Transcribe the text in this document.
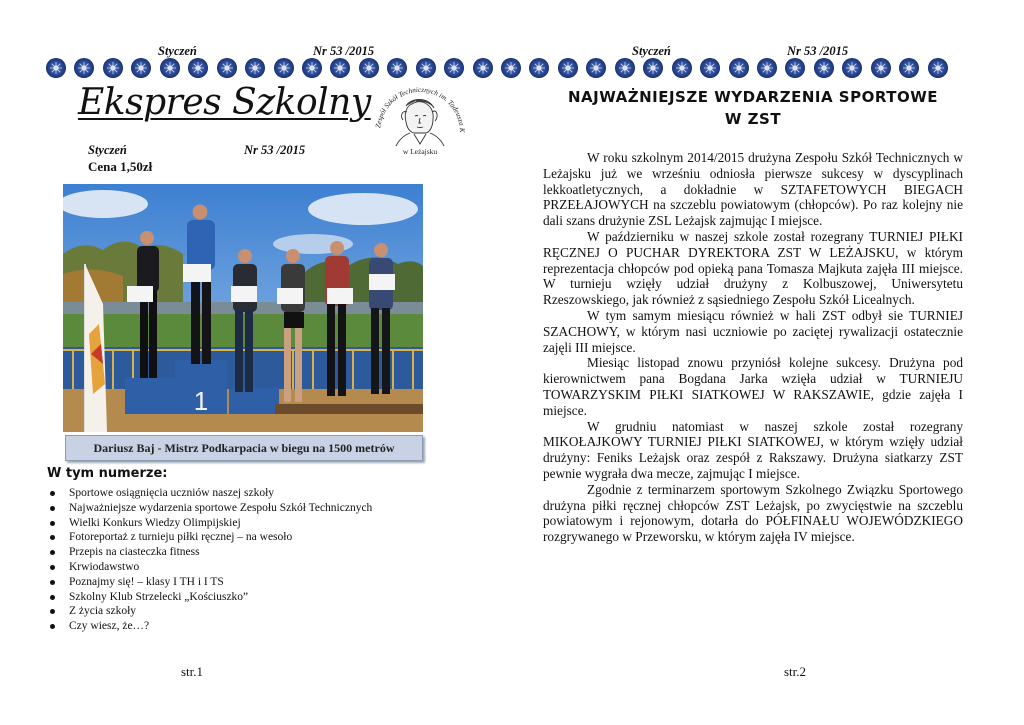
Styczeń	Nr 53 /2015	Styczeń	Nr 53 /2015
Ekspres Szkolny
Zespół Szkół Technicznych im. Tadeusza K
w Leżajsku
Styczeń	Nr 53 /2015
Cena 1,50zł
1
Dariusz Baj - Mistrz Podkarpacia w biegu na 1500 metrów
W tym numerze:
Sportowe osiągnięcia uczniów naszej szkoły
Najważniejsze wydarzenia sportowe Zespołu Szkół Technicznych
Wielki Konkurs Wiedzy Olimpijskiej
Fotoreportaż z turnieju piłki ręcznej – na wesoło
Przepis na ciasteczka fitness
Krwiodawstwo
Poznajmy się! – klasy I TH i I TS
Szkolny Klub Strzelecki „Kościuszko”
Z życia szkoły
Czy wiesz, że…?
NAJWAŻNIEJSZE WYDARZENIA SPORTOWE
W ZST

W roku szkolnym 2014/2015 drużyna Zespołu Szkół Technicznych w Leżajsku już we wrześniu odniosła pierwsze sukcesy w dyscyplinach lekkoatletycznych, a dokładnie w SZTAFETOWYCH BIEGACH PRZEŁAJOWYCH na szczeblu powiatowym (chłopców). Po raz kolejny nie dali szans drużynie ZSL Leżajsk zajmując I miejsce.

W październiku w naszej szkole został rozegrany TURNIEJ PIŁKI RĘCZNEJ O PUCHAR DYREKTORA ZST W LEŻAJSKU, w którym reprezentacja chłopców pod opieką pana Tomasza Majkuta zajęła III miejsce. W turnieju wzięły udział drużyny z Kolbuszowej, Uniwersytetu Rzeszowskiego, jak również z sąsiedniego Zespołu Szkół Licealnych.

W tym samym miesiącu również w hali ZST odbył sie TURNIEJ SZACHOWY, w którym nasi uczniowie po zaciętej rywalizacji ostatecznie zajęli III miejsce.

Miesiąc listopad znowu przyniósł kolejne sukcesy. Drużyna pod kierownictwem pana Bogdana Jarka wzięła udział w TURNIEJU TOWARZYSKIM PIŁKI SIATKOWEJ W RAKSZAWIE, gdzie zajęła I miejsce.

W grudniu natomiast w naszej szkole został rozegrany MIKOŁAJKOWY TURNIEJ PIŁKI SIATKOWEJ, w którym wzięły udział drużyny: Feniks Leżajsk oraz zespół z Rakszawy. Drużyna siatkarzy ZST pewnie wygrała dwa mecze, zajmując I miejsce.

Zgodnie z terminarzem sportowym Szkolnego Związku Sportowego drużyna piłki ręcznej chłopców ZST Leżajsk, po zwycięstwie na szczeblu powiatowym i rejonowym, dotarła do PÓŁFINAŁU WOJEWÓDZKIEGO rozgrywanego w Przeworsku, w którym zajęła IV miejsce.

str.1	str.2
